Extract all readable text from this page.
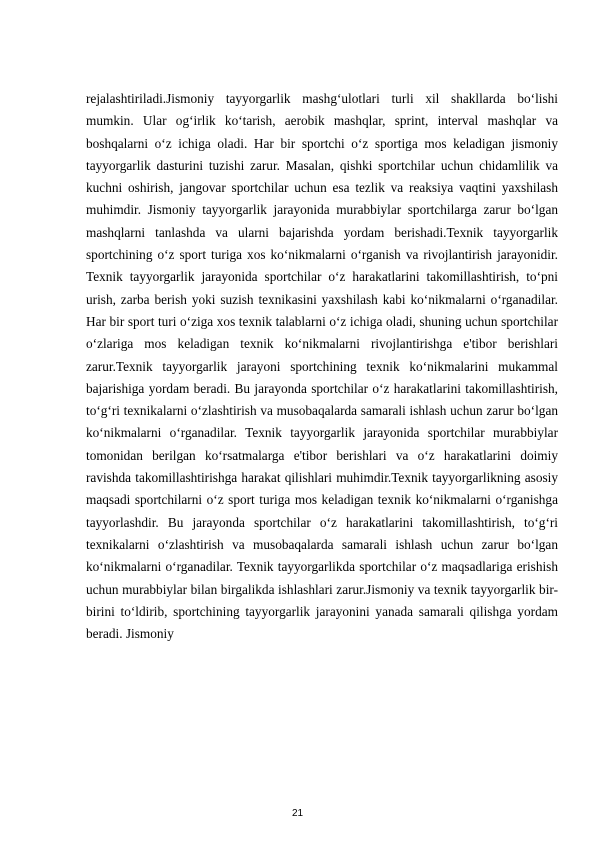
rejalashtiriladi.Jismoniy tayyorgarlik mashg‘ulotlari turli xil shakllarda bo‘lishi mumkin. Ular og‘irlik ko‘tarish, aerobik mashqlar, sprint, interval mashqlar va boshqalarni o‘z ichiga oladi. Har bir sportchi o‘z sportiga mos keladigan jismoniy tayyorgarlik dasturini tuzishi zarur. Masalan, qishki sportchilar uchun chidamlilik va kuchni oshirish, jangovar sportchilar uchun esa tezlik va reaksiya vaqtini yaxshilash muhimdir. Jismoniy tayyorgarlik jarayonida murabbiylar sportchilarga zarur bo‘lgan mashqlarni tanlashda va ularni bajarishda yordam berishadi.Texnik tayyorgarlik sportchining o‘z sport turiga xos ko‘nikmalarni o‘rganish va rivojlantirish jarayonidir. Texnik tayyorgarlik jarayonida sportchilar o‘z harakatlarini takomillashtirish, to‘pni urish, zarba berish yoki suzish texnikasini yaxshilash kabi ko‘nikmalarni o‘rganadilar. Har bir sport turi o‘ziga xos texnik talablarni o‘z ichiga oladi, shuning uchun sportchilar o‘zlariga mos keladigan texnik ko‘nikmalarni rivojlantirishga e'tibor berishlari zarur.Texnik tayyorgarlik jarayoni sportchining texnik ko‘nikmalarini mukammal bajarishiga yordam beradi. Bu jarayonda sportchilar o‘z harakatlarini takomillashtirish, to‘g‘ri texnikalarni o‘zlashtirish va musobaqalarda samarali ishlash uchun zarur bo‘lgan ko‘nikmalarni o‘rganadilar. Texnik tayyorgarlik jarayonida sportchilar murabbiylar tomonidan berilgan ko‘rsatmalarga e'tibor berishlari va o‘z harakatlarini doimiy ravishda takomillashtirishga harakat qilishlari muhimdir.Texnik tayyorgarlikning asosiy maqsadi sportchilarni o‘z sport turiga mos keladigan texnik ko‘nikmalarni o‘rganishga tayyorlashdir. Bu jarayonda sportchilar o‘z harakatlarini takomillashtirish, to‘g‘ri texnikalarni o‘zlashtirish va musobaqalarda samarali ishlash uchun zarur bo‘lgan ko‘nikmalarni o‘rganadilar. Texnik tayyorgarlikda sportchilar o‘z maqsadlariga erishish uchun murabbiylar bilan birgalikda ishlashlari zarur.Jismoniy va texnik tayyorgarlik bir-birini to‘ldirib, sportchining tayyorgarlik jarayonini yanada samarali qilishga yordam beradi. Jismoniy

21
